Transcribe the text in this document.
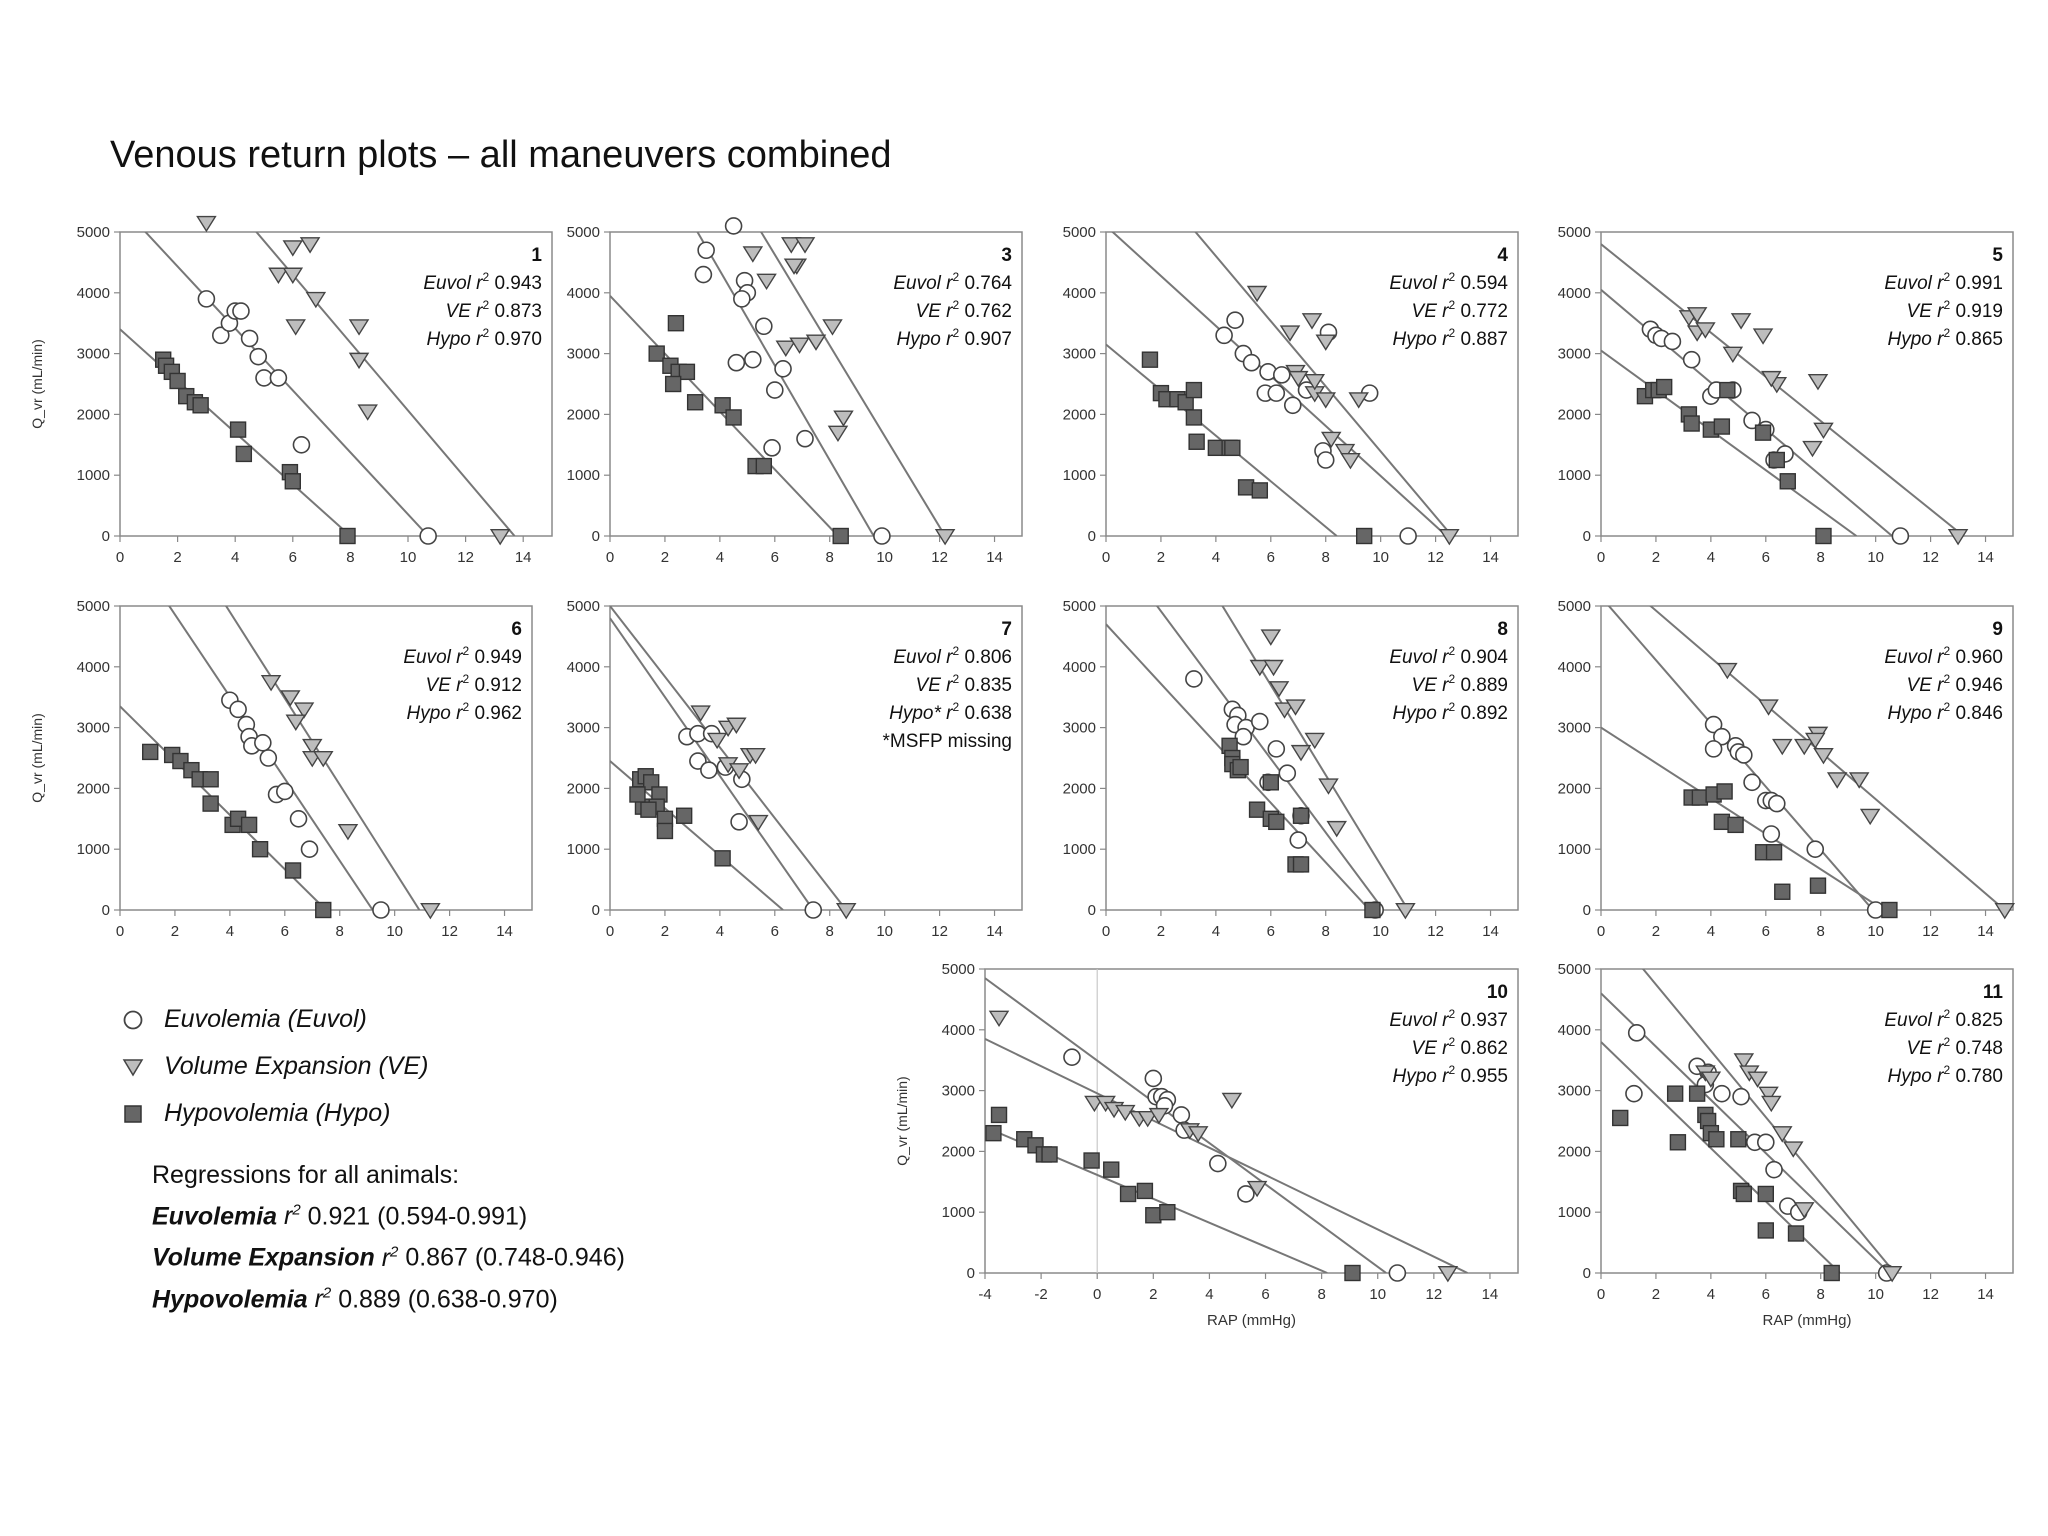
Venous return plots – all maneuvers combined
0
1000
2000
3000
4000
5000
0	2	4	6	8	10	12	14
Q_vr (mL/min)
1
Euvol $r^2$ 0.943
VE $r^2$ 0.873
Hypo $r^2$ 0.970
0
1000
2000
3000
4000
5000
0	2	4	6	8	10	12	14
3
Euvol $r^2$ 0.764
VE $r^2$ 0.762
Hypo $r^2$ 0.907
0
1000
2000
3000
4000
5000
0	2	4	6	8	10	12	14
4
Euvol $r^2$ 0.594
VE $r^2$ 0.772
Hypo $r^2$ 0.887
0
1000
2000
3000
4000
5000
0	2	4	6	8	10	12	14
5
Euvol $r^2$ 0.991
VE $r^2$ 0.919
Hypo $r^2$ 0.865
0
1000
2000
3000
4000
5000
0	2	4	6	8	10	12	14
Q_vr (mL/min)
6
Euvol $r^2$ 0.949
VE $r^2$ 0.912
Hypo $r^2$ 0.962
0
1000
2000
3000
4000
5000
0	2	4	6	8	10	12	14
7
Euvol $r^2$ 0.806
VE $r^2$ 0.835
Hypo* $r^2$ 0.638
*MSFP missing
0
1000
2000
3000
4000
5000
0	2	4	6	8	10	12	14
8
Euvol $r^2$ 0.904
VE $r^2$ 0.889
Hypo $r^2$ 0.892
0
1000
2000
3000
4000
5000
0	2	4	6	8	10	12	14
9
Euvol $r^2$ 0.960
VE $r^2$ 0.946
Hypo $r^2$ 0.846
0
1000
2000
3000
4000
5000
-4	-2	0	2	4	6	8	10	12	14
Q_vr (mL/min)
RAP (mmHg)
10
Euvol $r^2$ 0.937
VE $r^2$ 0.862
Hypo $r^2$ 0.955
0
1000
2000
3000
4000
5000
0	2	4	6	8	10	12	14
RAP (mmHg)
11
Euvol $r^2$ 0.825
VE $r^2$ 0.748
Hypo $r^2$ 0.780
Euvolemia (Euvol)
Volume Expansion (VE)
Hypovolemia (Hypo)
Regressions for all animals:
Euvolemia $r^2$ 0.921 (0.594-0.991)
Volume Expansion $r^2$ 0.867 (0.748-0.946)
Hypovolemia $r^2$ 0.889 (0.638-0.970)
